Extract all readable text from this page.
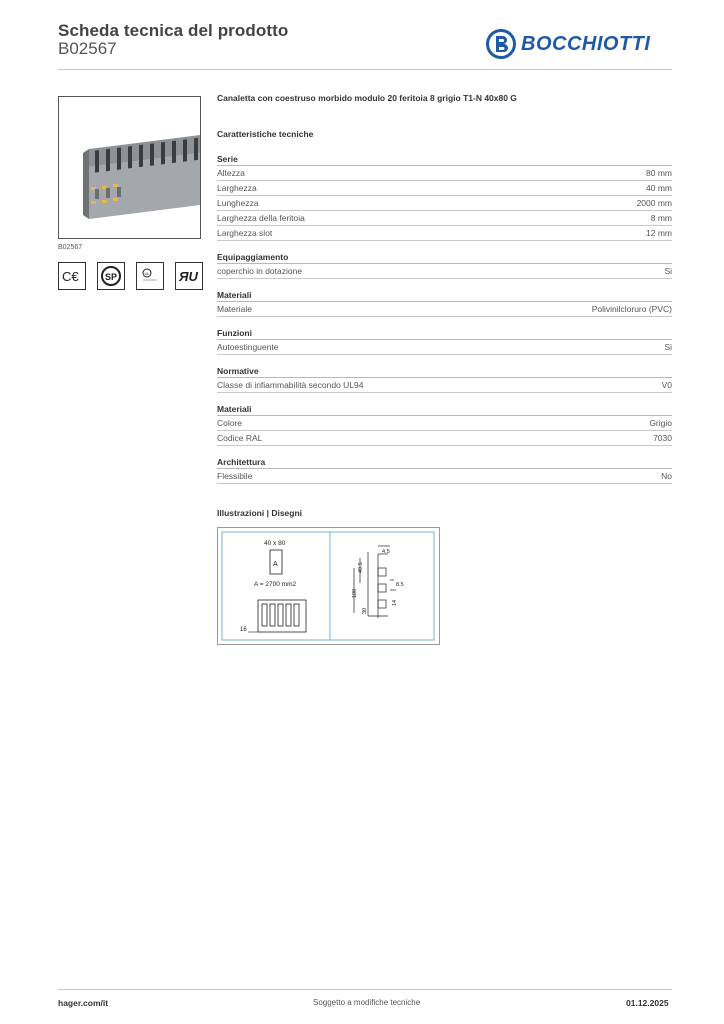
Scheda tecnica del prodotto
B02567	BOCCHIOTTI
B02567
C€	SP	UL ЯU
Canaletta con coestruso morbido modulo 20 feritoia 8 grigio T1-N 40x80 G
Caratteristiche tecniche
Serie
Altezza	80 mm
Larghezza	40 mm
Lunghezza	2000 mm
Larghezza della feritoia	8 mm
Larghezza slot	12 mm
Equipaggiamento
coperchio in dotazione	Si
Materiali
Materiale	Polivinilcloruro (PVC)
Funzioni
Autoestinguente	Si
Normative
Classe di infiammabilità secondo UL94	V0
Materiali
Colore	Grigio
Codice RAL	7030
Architettura
Flessibile	No
Illustrazioni | Disegni
40 x 80
A
A = 2700 mm2
16
4.5
49.5
100
8.5
14
30
hager.com/it	Soggetto a modifiche tecniche	01.12.2025
